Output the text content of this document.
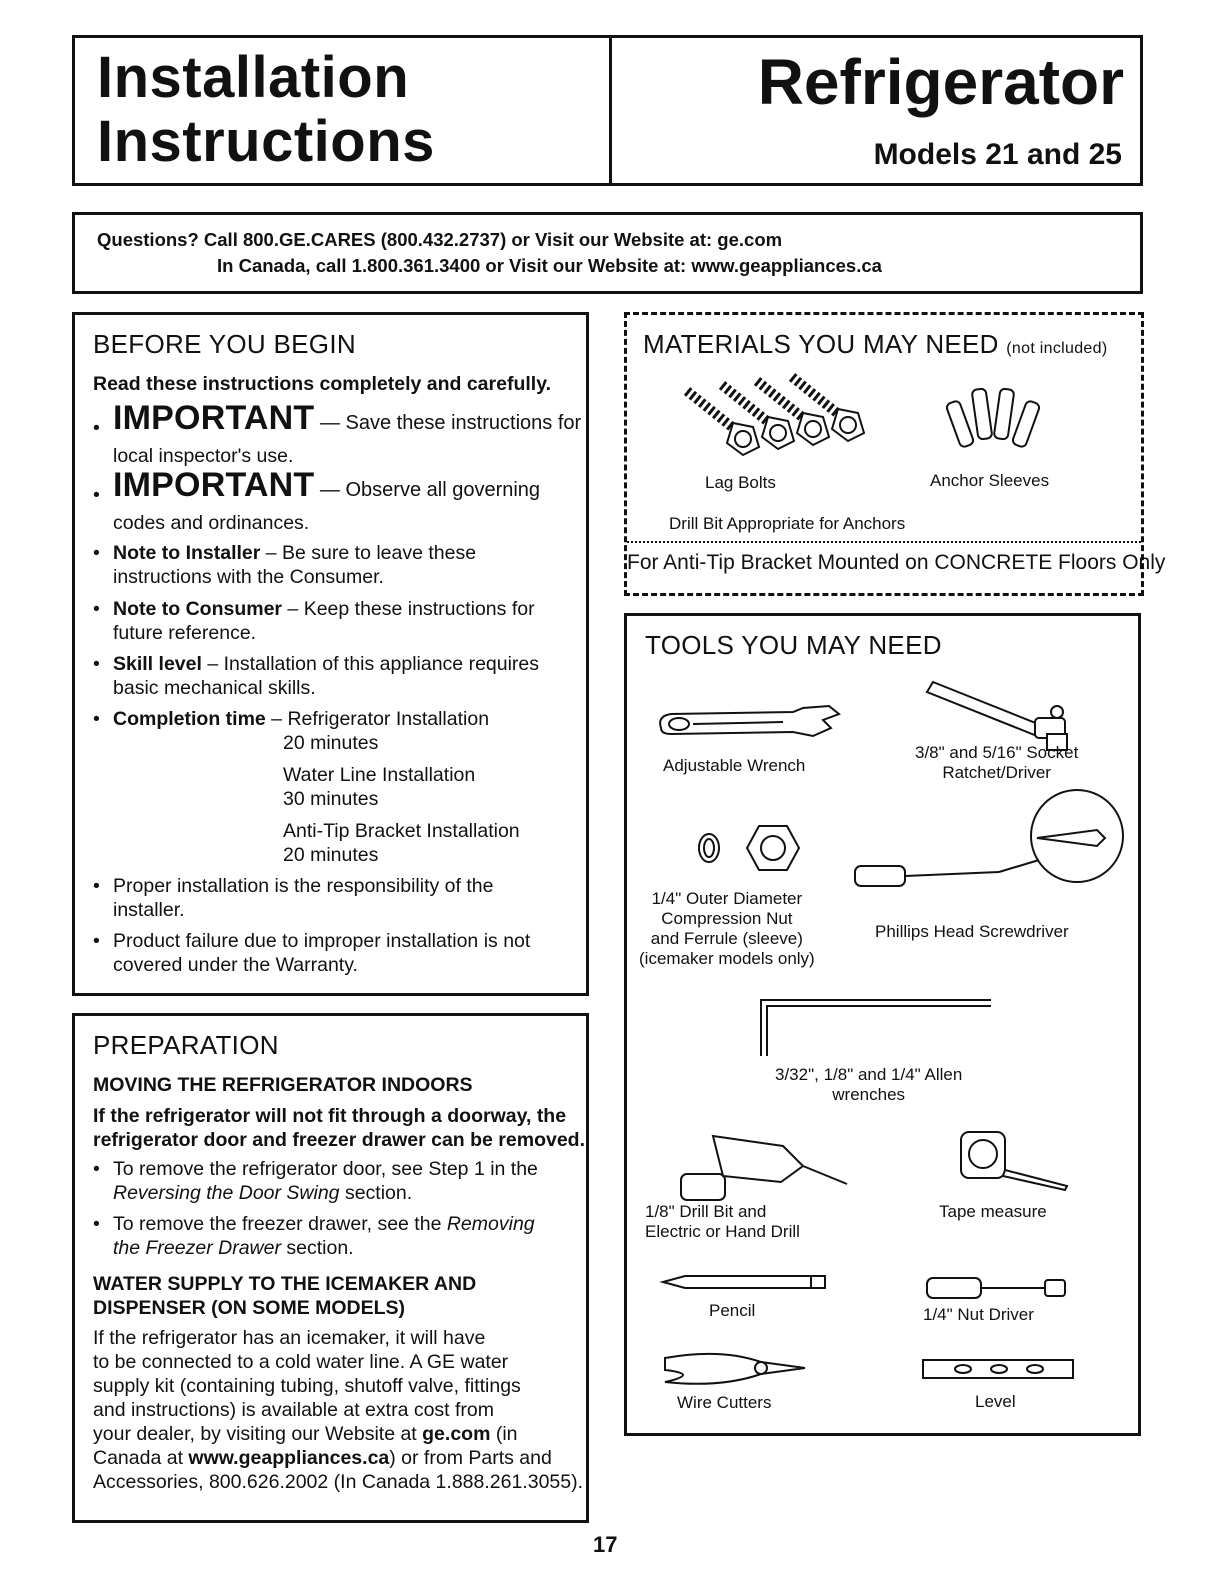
Installation
Instructions
Refrigerator
Models 21 and 25
Questions? Call 800.GE.CARES (800.432.2737) or Visit our Website at: ge.com
In Canada, call 1.800.361.3400 or Visit our Website at: www.geappliances.ca
BEFORE YOU BEGIN
Read these instructions completely and carefully.
• IMPORTANT — Save these instructions for
local inspector's use.
• IMPORTANT — Observe all governing
codes and ordinances.
• Note to Installer – Be sure to leave these
instructions with the Consumer.
• Note to Consumer – Keep these instructions for
future reference.
• Skill level – Installation of this appliance requires
basic mechanical skills.
• Completion time – Refrigerator Installation
20 minutes
Water Line Installation
30 minutes
Anti-Tip Bracket Installation
20 minutes
• Proper installation is the responsibility of the
installer.
• Product failure due to improper installation is not
covered under the Warranty.
PREPARATION
MOVING THE REFRIGERATOR INDOORS
If the refrigerator will not fit through a doorway, the
refrigerator door and freezer drawer can be removed.
• To remove the refrigerator door, see Step 1 in the
Reversing the Door Swing section.
• To remove the freezer drawer, see the Removing
the Freezer Drawer section.
WATER SUPPLY TO THE ICEMAKER AND
DISPENSER (ON SOME MODELS)
If the refrigerator has an icemaker, it will have
to be connected to a cold water line. A GE water
supply kit (containing tubing, shutoff valve, fittings
and instructions) is available at extra cost from
your dealer, by visiting our Website at ge.com (in
Canada at www.geappliances.ca) or from Parts and
Accessories, 800.626.2002 (In Canada 1.888.261.3055).
MATERIALS YOU MAY NEED (not included)
Lag Bolts	Anchor Sleeves
Drill Bit Appropriate for Anchors
For Anti-Tip Bracket Mounted on CONCRETE Floors Only
TOOLS YOU MAY NEED
Adjustable Wrench
3/8" and 5/16" Socket
Ratchet/Driver
1/4" Outer Diameter
Compression Nut
and Ferrule (sleeve)
(icemaker models only)
Phillips Head Screwdriver
3/32", 1/8" and 1/4" Allen
wrenches
1/8" Drill Bit and
Electric or Hand Drill
Tape measure
Pencil	1/4" Nut Driver
Wire Cutters	Level
17
